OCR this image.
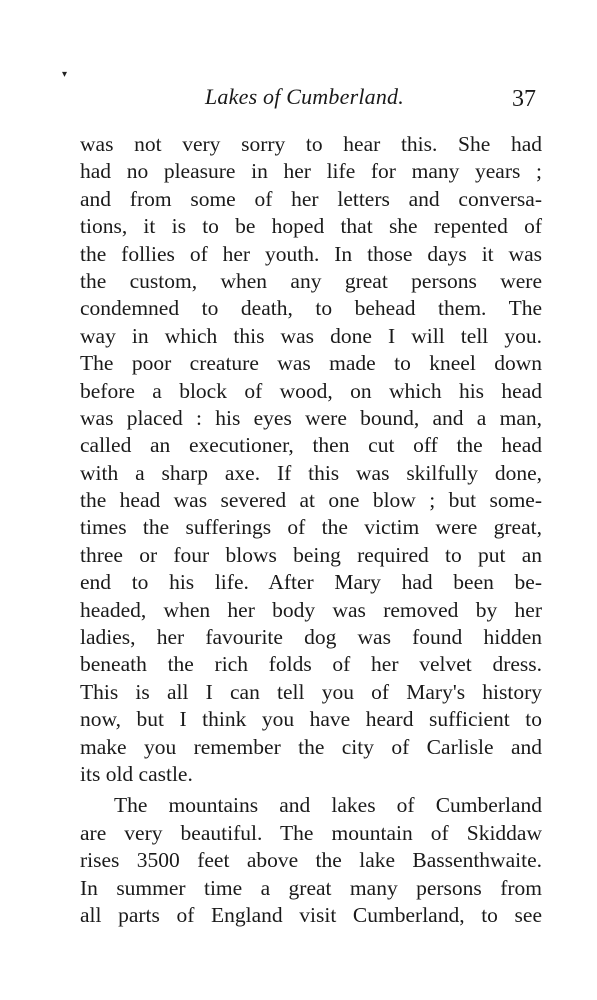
▾
Lakes of Cumberland.	37
was not very sorry to hear this. She had
had no pleasure in her life for many years ;
and from some of her letters and conversa-
tions, it is to be hoped that she repented of
the follies of her youth. In those days it was
the custom, when any great persons were
condemned to death, to behead them. The
way in which this was done I will tell you.
The poor creature was made to kneel down
before a block of wood, on which his head
was placed : his eyes were bound, and a man,
called an executioner, then cut off the head
with a sharp axe. If this was skilfully done,
the head was severed at one blow ; but some-
times the sufferings of the victim were great,
three or four blows being required to put an
end to his life. After Mary had been be-
headed, when her body was removed by her
ladies, her favourite dog was found hidden
beneath the rich folds of her velvet dress.
This is all I can tell you of Mary's history
now, but I think you have heard sufficient to
make you remember the city of Carlisle and
its old castle.
The mountains and lakes of Cumberland
are very beautiful. The mountain of Skiddaw
rises 3500 feet above the lake Bassenthwaite.
In summer time a great many persons from
all parts of England visit Cumberland, to see
